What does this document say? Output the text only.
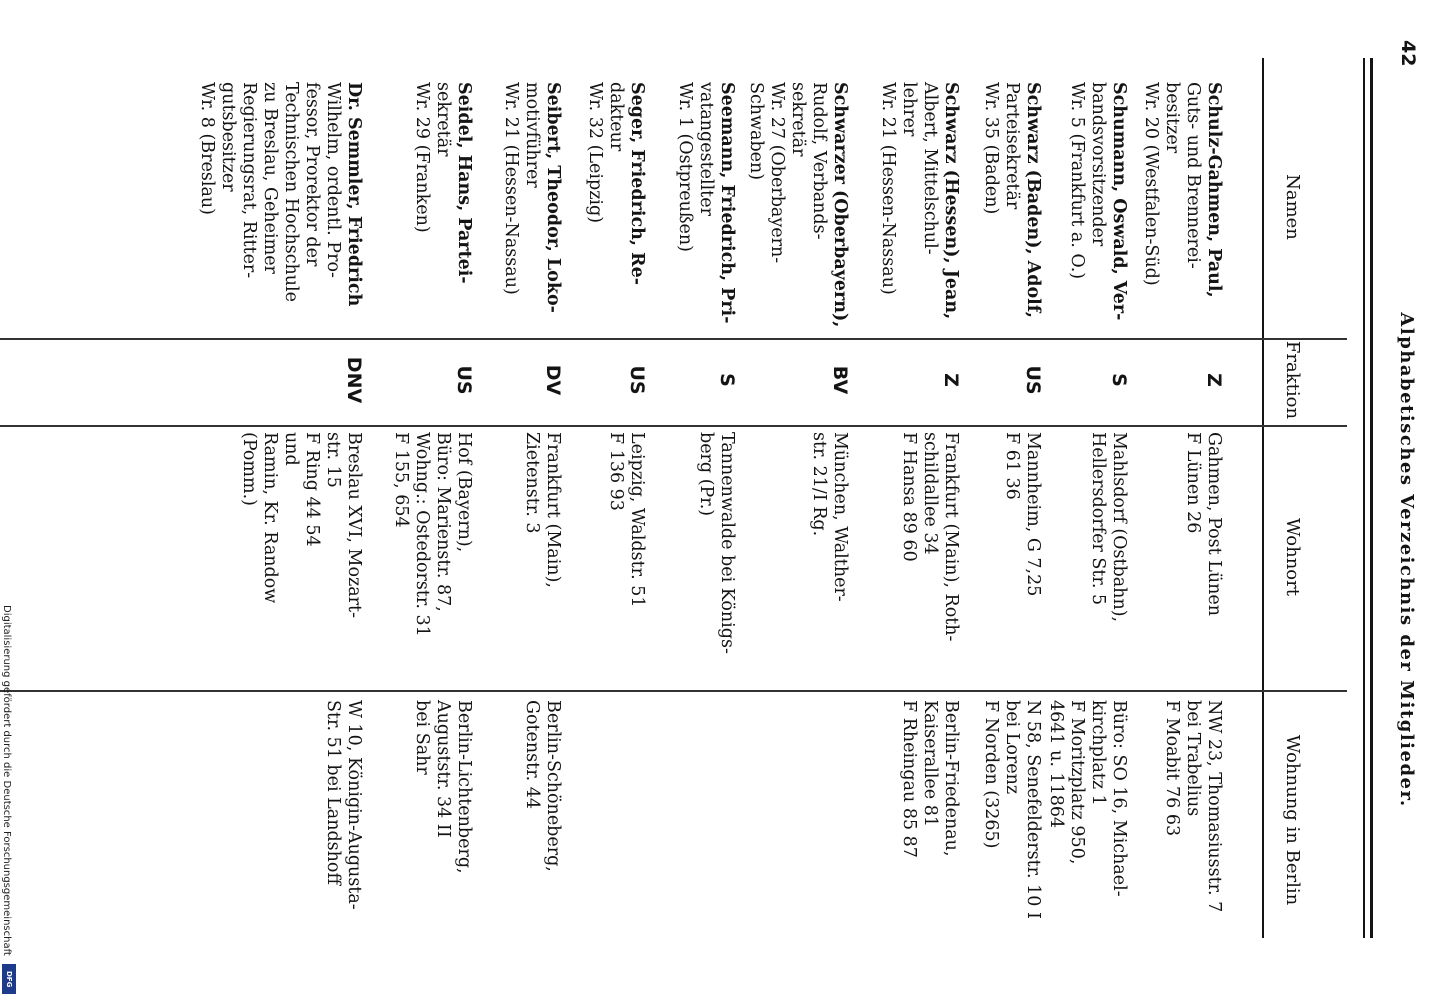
42
Alphabetisches Verzeichnis der Mitglieder.
Namen
Fraktion
Wohnort
Wohnung in Berlin
Schulz-Gahmen, Paul,
Guts- und Brennerei-
besitzer
Wr. 20 (Westfalen-Süd)
Z
Gahmen, Post Lünen
F Lünen 26
NW 23, Thomasiusstr. 7
bei Trabelius
F Moabit 76 63
Schumann, Oswald, Ver-
bandsvorsitzender
Wr. 5 (Frankfurt a. O.)
S
Mahlsdorf (Ostbahn),
Hellersdorfer Str. 5
Büro: SO 16, Michael-
kirchplatz 1
F Moritzplatz 950,
4641 u. 11864
Schwarz (Baden), Adolf,
Parteisekretär
Wr. 35 (Baden)
US
Mannheim, G 7,25
F 61 36
N 58, Senefelderstr. 10 I
bei Lorenz
F Norden (3265)
Schwarz (Hessen), Jean,
Albert, Mittelschul-
lehrer
Wr. 21 (Hessen-Nassau)
Z
Frankfurt (Main), Roth-
schildallee 34
F Hansa 89 60
Berlin-Friedenau,
Kaiserallee 81
F Rheingau 85 87
Schwarzer (Oberbayern),
Rudolf, Verbands-
sekretär
Wr. 27 (Oberbayern-
Schwaben)
BV
München, Walther-
str. 21/I Rg.
Seemann, Friedrich, Pri-
vatangestellter
Wr. 1 (Ostpreußen)
S
Tannenwalde bei Königs-
berg (Pr.)
Seger, Friedrich, Re-
dakteur
Wr. 32 (Leipzig)
US
Leipzig, Waldstr. 51
F 136 93
Seibert, Theodor, Loko-
motivführer
Wr. 21 (Hessen-Nassau)
DV
Frankfurt (Main),
Zietenstr. 3
Berlin-Schöneberg,
Gotenstr. 44
Seidel, Hans, Partei-
sekretär
Wr. 29 (Franken)
US
Hof (Bayern),
Büro: Marienstr. 87,
Wohng.: Ostedorstr. 31
F 155, 654
Berlin-Lichtenberg,
Auguststr. 34 II
bei Sahr
Dr. Semmler, Friedrich
Wilhelm, ordentl. Pro-
fessor, Prorektor der
Technischen Hochschule
zu Breslau, Geheimer
Regierungsrat, Ritter-
gutsbesitzer
Wr. 8 (Breslau)
DNV
Breslau XVI, Mozart-
str. 15
F Ring 44 54
und
Ramin, Kr. Randow
(Pomm.)
W 10, Königin-Augusta-
Str. 51 bei Landshoff
Digitalisierung gefördert durch die Deutsche Forschungsgemeinschaft
DFG
